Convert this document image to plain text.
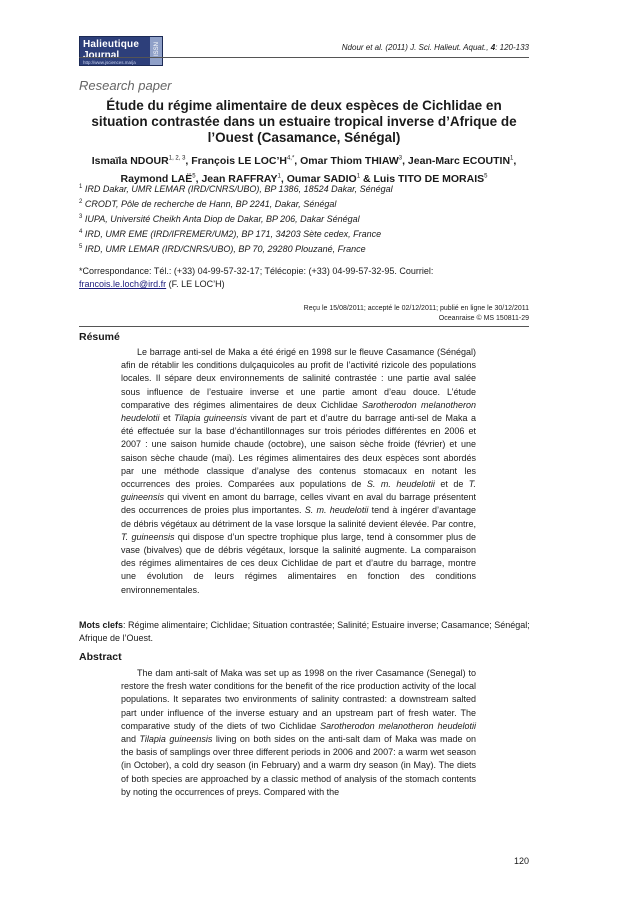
Halieutique
Journal
http://www.jsciences.ma/ja
ISSN	Ndour et al. (2011) J. Sci. Halieut. Aquat., 4: 120-133
Research paper
Étude du régime alimentaire de deux espèces de Cichlidae en situation contrastée dans un estuaire tropical inverse d’Afrique de l’Ouest (Casamance, Sénégal)
Ismaïla NDOUR$^{1, 2, 3}$, François LE $LOC’H^{4,*}$, Omar Thiom THIAW$^3$, Jean-Marc ECOUTIN$^1$,
Raymond LAË$^5$, Jean RAFFRAY$^1$, Oumar SADIO$^1$ & Luis TITO DE MORAIS$^5$
$^1$ IRD Dakar, UMR LEMAR (IRD/CNRS/UBO), BP 1386, 18524 Dakar, Sénégal
$^2$ CRODT, Pôle de recherche de Hann, BP 2241, Dakar, Sénégal
$^3$ IUPA, Université Cheikh Anta Diop de Dakar, BP 206, Dakar Sénégal
$^4$ IRD, UMR EME (IRD/IFREMER/UM2), BP 171, 34203 Sète cedex, France
$^5$ IRD, UMR LEMAR (IRD/CNRS/UBO), BP 70, 29280 Plouzané, France
*Correspondance: Tél.: (+33) 04-99-57-32-17; Télécopie: (+33) 04-99-57-32-95. Courriel:
francois.le.loch@ird.fr (F. LE LOC’H)
Reçu le 15/08/2011; accepté le 02/12/2011; publié en ligne le 30/12/2011
Oceanraise © MS 150811-29
Résumé

Le barrage anti-sel de Maka a été érigé en 1998 sur le fleuve Casamance (Sénégal) afin de rétablir les conditions dulçaquicoles au profit de l’activité rizicole des populations locales. Il sépare deux environnements de salinité contrastée : une partie aval salée sous influence de l’estuaire inverse et une partie amont d’eau douce. L’étude comparative des régimes alimentaires de deux Cichlidae Sarotherodon melanotheron heudelotii et Tilapia guineensis vivant de part et d’autre du barrage anti-sel de Maka a été effectuée sur la base d’échantillonnages sur trois périodes différentes en 2006 et 2007 : une saison humide chaude (octobre), une saison sèche froide (février) et une saison sèche chaude (mai). Les régimes alimentaires des deux espèces sont abordés par une méthode classique d’analyse des contenus stomacaux en notant les occurrences des proies. Comparées aux populations de S. m. heudelotii et de T. guineensis qui vivent en amont du barrage, celles vivant en aval du barrage présentent des occurrences de proies plus importantes. S. m. heudelotii tend à ingérer d’avantage de débris végétaux au détriment de la vase lorsque la salinité devient élevée. Par contre, T. guineensis qui dispose d’un spectre trophique plus large, tend à consommer plus de vase (bivalves) que de débris végétaux, lorsque la salinité augmente. La comparaison des régimes alimentaires de ces deux Cichlidae de part et d’autre du barrage, montre une évolution de leurs régimes alimentaires en fonction des conditions environnementales.

Mots clefs: Régime alimentaire; Cichlidae; Situation contrastée; Salinité; Estuaire inverse; Casamance; Sénégal; Afrique de l’Ouest.
Abstract

The dam anti-salt of Maka was set up as 1998 on the river Casamance (Senegal) to restore the fresh water conditions for the benefit of the rice production activity of the local populations. It separates two environments of salinity contrasted: a downstream salted part under influence of the inverse estuary and an upstream part of fresh water. The comparative study of the diets of two Cichlidae Sarotherodon melanotheron heudelotii and Tilapia guineensis living on both sides on the anti-salt dam of Maka was made on the basis of samplings over three different periods in 2006 and 2007: a warm wet season (in October), a cold dry season (in February) and a warm dry season (in May). The diets of both species are approached by a classic method of analysis of the stomach contents by noting the occurrences of preys. Compared with the

120
